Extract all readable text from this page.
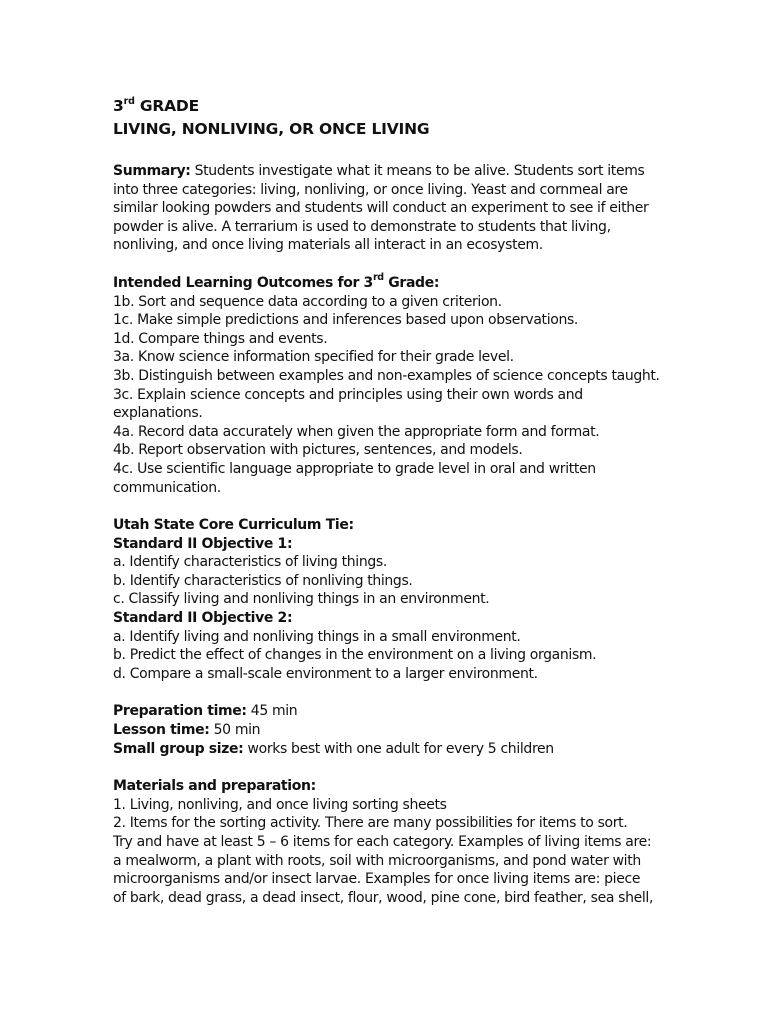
3rd GRADE
LIVING, NONLIVING, OR ONCE LIVING
Summary: Students investigate what it means to be alive. Students sort items
into three categories: living, nonliving, or once living. Yeast and cornmeal are
similar looking powders and students will conduct an experiment to see if either
powder is alive. A terrarium is used to demonstrate to students that living,
nonliving, and once living materials all interact in an ecosystem.
Intended Learning Outcomes for 3rd Grade:
1b. Sort and sequence data according to a given criterion.
1c. Make simple predictions and inferences based upon observations.
1d. Compare things and events.
3a. Know science information specified for their grade level.
3b. Distinguish between examples and non-examples of science concepts taught.
3c. Explain science concepts and principles using their own words and
explanations.
4a. Record data accurately when given the appropriate form and format.
4b. Report observation with pictures, sentences, and models.
4c. Use scientific language appropriate to grade level in oral and written
communication.
Utah State Core Curriculum Tie:
Standard II Objective 1:
a. Identify characteristics of living things.
b. Identify characteristics of nonliving things.
c. Classify living and nonliving things in an environment.
Standard II Objective 2:
a. Identify living and nonliving things in a small environment.
b. Predict the effect of changes in the environment on a living organism.
d. Compare a small-scale environment to a larger environment.
Preparation time: 45 min
Lesson time: 50 min
Small group size: works best with one adult for every 5 children
Materials and preparation:
1. Living, nonliving, and once living sorting sheets
2. Items for the sorting activity. There are many possibilities for items to sort.
Try and have at least 5 – 6 items for each category. Examples of living items are:
a mealworm, a plant with roots, soil with microorganisms, and pond water with
microorganisms and/or insect larvae. Examples for once living items are: piece
of bark, dead grass, a dead insect, flour, wood, pine cone, bird feather, sea shell,
